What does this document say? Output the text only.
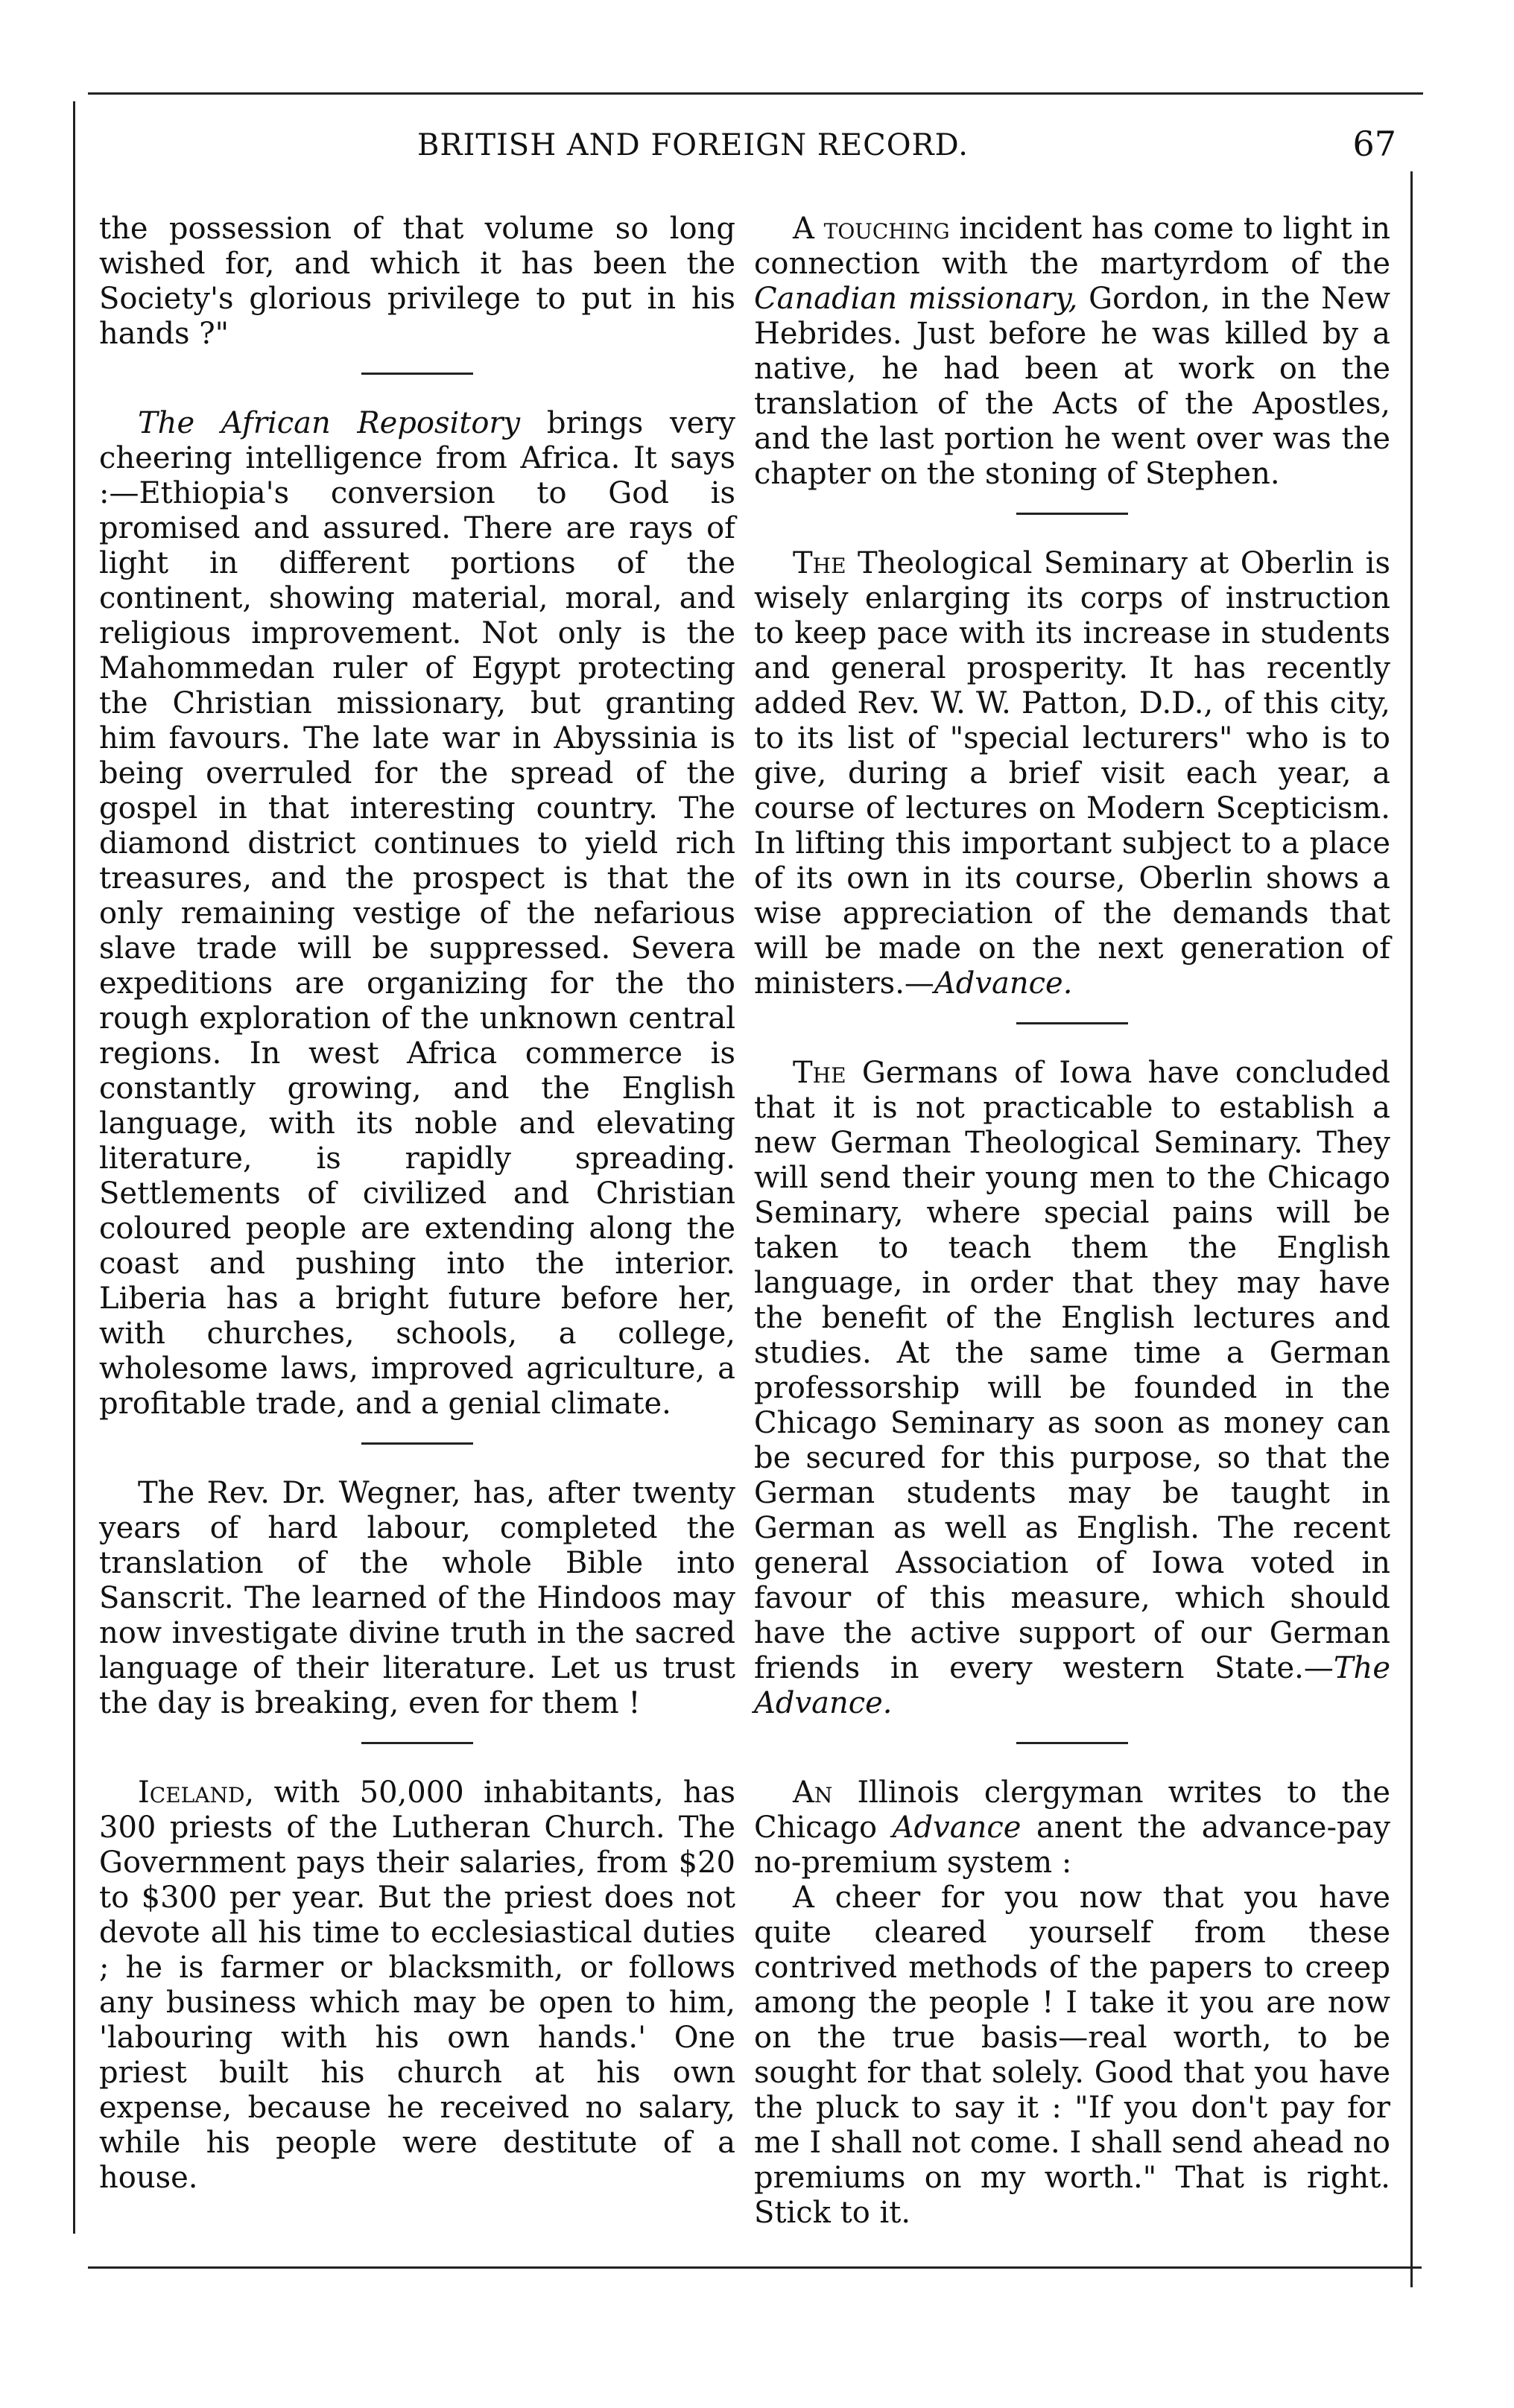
BRITISH AND FOREIGN RECORD.	67

the possession of that volume so long wished for, and which it has been the Society's glorious privilege to put in his hands ?"

The African Repository brings very cheering intelligence from Africa. It says :—Ethiopia's conversion to God is promised and assured. There are rays of light in different portions of the continent, showing material, moral, and religious improvement. Not only is the Mahommedan ruler of Egypt protecting the Christian missionary, but granting him favours. The late war in Abyssinia is being overruled for the spread of the gospel in that interesting country. The diamond district continues to yield rich treasures, and the prospect is that the only remaining vestige of the nefarious slave trade will be suppressed. Severa expeditions are organizing for the tho rough exploration of the unknown central regions. In west Africa commerce is constantly growing, and the English language, with its noble and elevating literature, is rapidly spreading. Settlements of civilized and Christian coloured people are extending along the coast and pushing into the interior. Liberia has a bright future before her, with churches, schools, a college, wholesome laws, improved agriculture, a profitable trade, and a genial climate.

The Rev. Dr. Wegner, has, after twenty years of hard labour, completed the translation of the whole Bible into Sanscrit. The learned of the Hindoos may now investigate divine truth in the sacred language of their literature. Let us trust the day is breaking, even for them !

Iceland, with 50,000 inhabitants, has 300 priests of the Lutheran Church. The Government pays their salaries, from $20 to $300 per year. But the priest does not devote all his time to ecclesiastical duties ; he is farmer or blacksmith, or follows any business which may be open to him, 'labouring with his own hands.' One priest built his church at his own expense, because he received no salary, while his people were destitute of a house.

A touching incident has come to light in connection with the martyrdom of the Canadian missionary, Gordon, in the New Hebrides. Just before he was killed by a native, he had been at work on the translation of the Acts of the Apostles, and the last portion he went over was the chapter on the stoning of Stephen.

The Theological Seminary at Oberlin is wisely enlarging its corps of instruction to keep pace with its increase in students and general prosperity. It has recently added Rev. W. W. Patton, D.D., of this city, to its list of "special lecturers" who is to give, during a brief visit each year, a course of lectures on Modern Scepticism. In lifting this important subject to a place of its own in its course, Oberlin shows a wise appreciation of the demands that will be made on the next generation of ministers.—Advance.

The Germans of Iowa have concluded that it is not practicable to establish a new German Theological Seminary. They will send their young men to the Chicago Seminary, where special pains will be taken to teach them the English language, in order that they may have the benefit of the English lectures and studies. At the same time a German professorship will be founded in the Chicago Seminary as soon as money can be secured for this purpose, so that the German students may be taught in German as well as English. The recent general Association of Iowa voted in favour of this measure, which should have the active support of our German friends in every western State.—The Advance.

An Illinois clergyman writes to the Chicago Advance anent the advance-pay no-premium system :

A cheer for you now that you have quite cleared yourself from these contrived methods of the papers to creep among the people ! I take it you are now on the true basis—real worth, to be sought for that solely. Good that you have the pluck to say it : "If you don't pay for me I shall not come. I shall send ahead no premiums on my worth." That is right. Stick to it.
